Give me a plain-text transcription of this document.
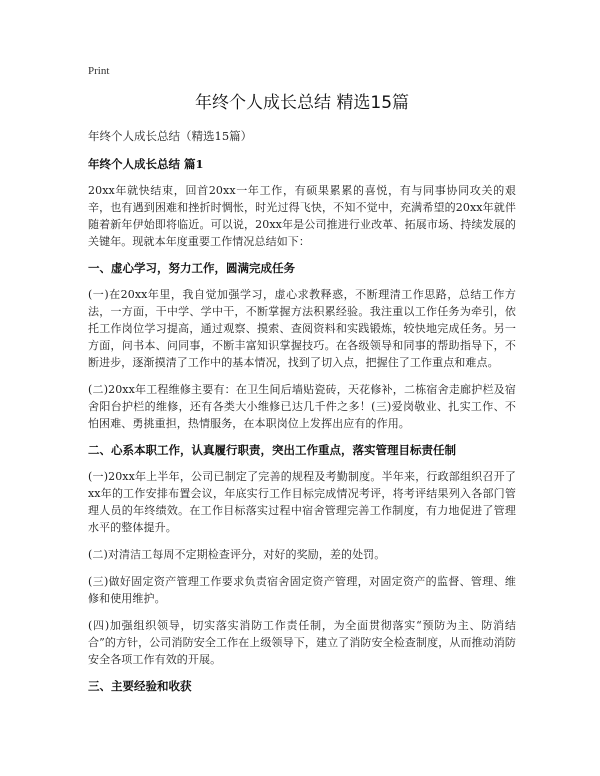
Print
年终个人成长总结 精选15篇
年终个人成长总结（精选15篇）
年终个人成长总结 篇1

20xx年就快结束，回首20xx一年工作，有硕果累累的喜悦，有与同事协同攻关的艰辛，也有遇到困难和挫折时惆怅，时光过得飞快，不知不觉中，充满希望的20xx年就伴随着新年伊始即将临近。可以说，20xx年是公司推进行业改革、拓展市场、持续发展的关键年。现就本年度重要工作情况总结如下：

一、虚心学习，努力工作，圆满完成任务

(一)在20xx年里，我自觉加强学习，虚心求教释惑，不断理清工作思路，总结工作方法，一方面，干中学、学中干，不断掌握方法积累经验。我注重以工作任务为牵引，依托工作岗位学习提高，通过观察、摸索、查阅资料和实践锻炼，较快地完成任务。另一方面，问书本、问同事，不断丰富知识掌握技巧。在各级领导和同事的帮助指导下，不断进步，逐渐摸清了工作中的基本情况，找到了切入点，把握住了工作重点和难点。

(二)20xx年工程维修主要有：在卫生间后墙贴瓷砖，天花修补，二栋宿舍走廊护栏及宿舍阳台护栏的维修，还有各类大小维修已达几千件之多！(三)爱岗敬业、扎实工作、不怕困难、勇挑重担，热情服务，在本职岗位上发挥出应有的作用。

二、心系本职工作，认真履行职责，突出工作重点，落实管理目标责任制

(一)20xx年上半年，公司已制定了完善的规程及考勤制度。半年来，行政部组织召开了xx年的工作安排布置会议，年底实行工作目标完成情况考评，将考评结果列入各部门管理人员的年终绩效。在工作目标落实过程中宿舍管理完善工作制度，有力地促进了管理水平的整体提升。

(二)对清洁工每周不定期检查评分，对好的奖励，差的处罚。

(三)做好固定资产管理工作要求负责宿舍固定资产管理，对固定资产的监督、管理、维修和使用维护。

(四)加强组织领导，切实落实消防工作责任制，为全面贯彻落实“预防为主、防消结合”的方针，公司消防安全工作在上级领导下，建立了消防安全检查制度，从而推动消防安全各项工作有效的开展。

三、主要经验和收获
